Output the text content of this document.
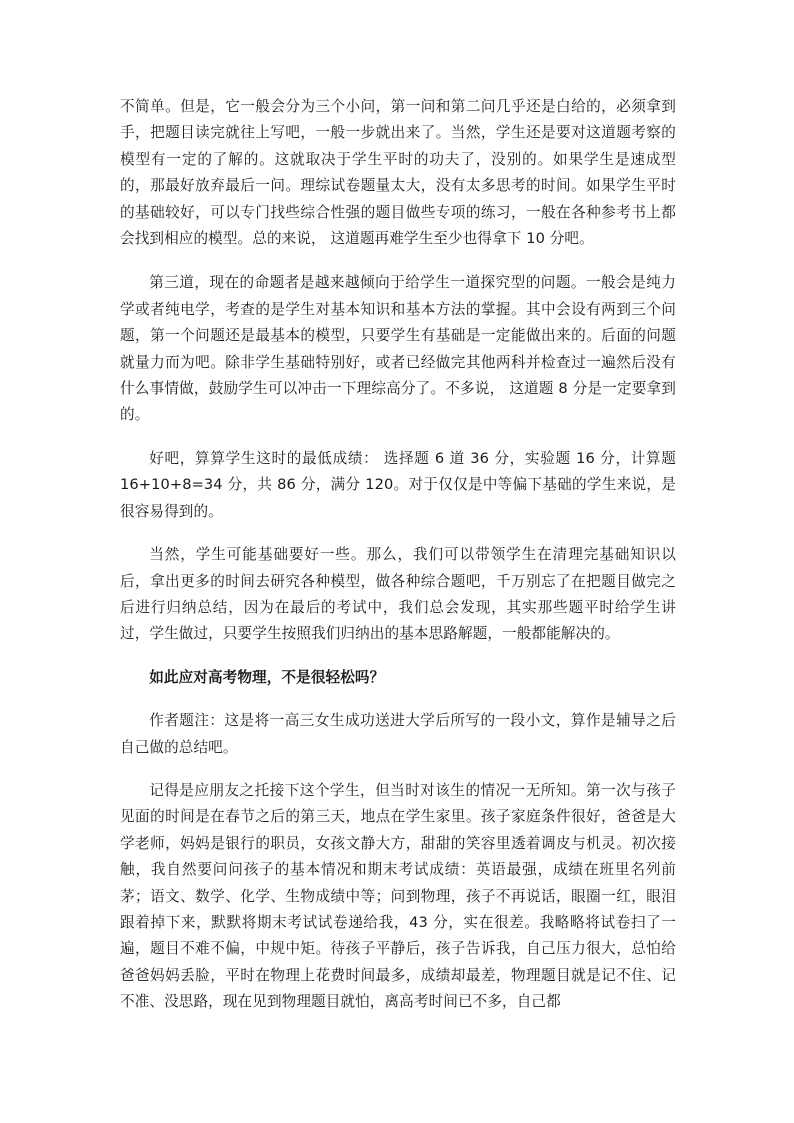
不简单。但是，它一般会分为三个小问，第一问和第二问几乎还是白给的，必须拿到手，把题目读完就往上写吧，一般一步就出来了。当然，学生还是要对这道题考察的模型有一定的了解的。这就取决于学生平时的功夫了，没别的。如果学生是速成型的，那最好放弃最后一问。理综试卷题量太大，没有太多思考的时间。如果学生平时的基础较好，可以专门找些综合性强的题目做些专项的练习，一般在各种参考书上都会找到相应的模型。总的来说， 这道题再难学生至少也得拿下 10 分吧。

第三道，现在的命题者是越来越倾向于给学生一道探究型的问题。一般会是纯力学或者纯电学，考查的是学生对基本知识和基本方法的掌握。其中会设有两到三个问题，第一个问题还是最基本的模型，只要学生有基础是一定能做出来的。后面的问题就量力而为吧。除非学生基础特别好，或者已经做完其他两科并检查过一遍然后没有什么事情做，鼓励学生可以冲击一下理综高分了。不多说， 这道题 8 分是一定要拿到的。

好吧，算算学生这时的最低成绩： 选择题 6 道 36 分，实验题 16 分，计算题 16+10+8=34 分，共 86 分，满分 120。对于仅仅是中等偏下基础的学生来说，是很容易得到的。

当然，学生可能基础要好一些。那么，我们可以带领学生在清理完基础知识以后，拿出更多的时间去研究各种模型，做各种综合题吧，千万别忘了在把题目做完之后进行归纳总结，因为在最后的考试中，我们总会发现，其实那些题平时给学生讲过，学生做过，只要学生按照我们归纳出的基本思路解题，一般都能解决的。

如此应对高考物理，不是很轻松吗？

作者题注：这是将一高三女生成功送进大学后所写的一段小文，算作是辅导之后自己做的总结吧。

记得是应朋友之托接下这个学生，但当时对该生的情况一无所知。第一次与孩子见面的时间是在春节之后的第三天，地点在学生家里。孩子家庭条件很好，爸爸是大学老师，妈妈是银行的职员，女孩文静大方，甜甜的笑容里透着调皮与机灵。初次接触，我自然要问问孩子的基本情况和期末考试成绩：英语最强，成绩在班里名列前茅；语文、数学、化学、生物成绩中等；问到物理，孩子不再说话，眼圈一红，眼泪跟着掉下来，默默将期末考试试卷递给我，43 分，实在很差。我略略将试卷扫了一遍，题目不难不偏，中规中矩。待孩子平静后，孩子告诉我，自己压力很大，总怕给爸爸妈妈丢脸，平时在物理上花费时间最多，成绩却最差，物理题目就是记不住、记不准、没思路，现在见到物理题目就怕，离高考时间已不多，自己都
